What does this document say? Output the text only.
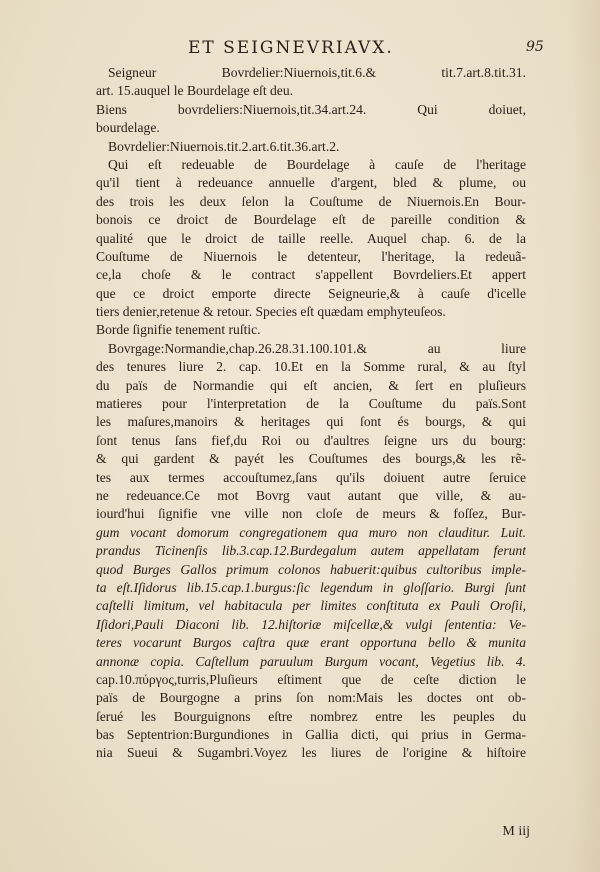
ET SEIGNEVRIAVX.	95
Seigneur Bovrdelier:Niuernois,tit.6.& tit.7.art.8.tit.31.
art. 15.auquel le Bourdelage eſt deu.
Biens bovrdeliers:Niuernois,tit.34.art.24. Qui doiuet,
bourdelage.
Bovrdelier:Niuernois.tit.2.art.6.tit.36.art.2.
Qui eſt redeuable de Bourdelage à cauſe de l'heritage
qu'il tient à redeuance annuelle d'argent, bled & plume, ou
des trois les deux ſelon la Couſtume de Niuernois.En Bour-
bonois ce droict de Bourdelage eſt de pareille condition &
qualité que le droict de taille reelle. Auquel chap. 6. de la
Couſtume de Niuernois le detenteur, l'heritage, la redeuã-
ce,la choſe & le contract s'appellent Bovrdeliers.Et appert
que ce droict emporte directe Seigneurie,& à cauſe d'icelle
tiers denier,retenue & retour. Species eſt quædam emphyteuſeos.
Borde ſignifie tenement ruſtic.
Bovrgage:Normandie,chap.26.28.31.100.101.& au liure
des tenures liure 2. cap. 10.Et en la Somme rural, & au ſtyl
du païs de Normandie qui eſt ancien, & ſert en pluſieurs
matieres pour l'interpretation de la Couſtume du païs.Sont
les maſures,manoirs & heritages qui ſont és bourgs, & qui
ſont tenus ſans fief,du Roi ou d'aultres ſeigne urs du bourg:
& qui gardent & payét les Couſtumes des bourgs,& les rẽ-
tes aux termes accouſtumez,ſans qu'ils doiuent autre ſeruice
ne redeuance.Ce mot Bovrg vaut autant que ville, & au-
iourd'hui ſignifie vne ville non cloſe de meurs & foſſez, Bur-
gum vocant domorum congregationem qua muro non clauditur. Luit.
prandus Ticinenſis lib.3.cap.12.Burdegalum autem appellatam ferunt
quod Burges Gallos primum colonos habuerit:quibus cultoribus imple-
ta eſt.Iſidorus lib.15.cap.1.burgus:ſic legendum in gloſſario. Burgi ſunt
caſtelli limitum, vel habitacula per limites conſtituta ex Pauli Oroſii,
Iſidori,Pauli Diaconi lib. 12.hiſtoriæ miſcellæ,& vulgi ſententia: Ve-
teres vocarunt Burgos caſtra quæ erant opportuna bello & munita
annonæ copia. Caſtellum paruulum Burgum vocant, Vegetius lib. 4.
cap.10.πύργος,turris,Pluſieurs eſtiment que de ceſte diction le
païs de Bourgogne a prins ſon nom:Mais les doctes ont ob-
ſerué les Bourguignons eſtre nombrez entre les peuples du
bas Septentrion:Burgundiones in Gallia dicti, qui prius in Germa-
nia Sueui & Sugambri.Voyez les liures de l'origine & hiſtoire
M iij
